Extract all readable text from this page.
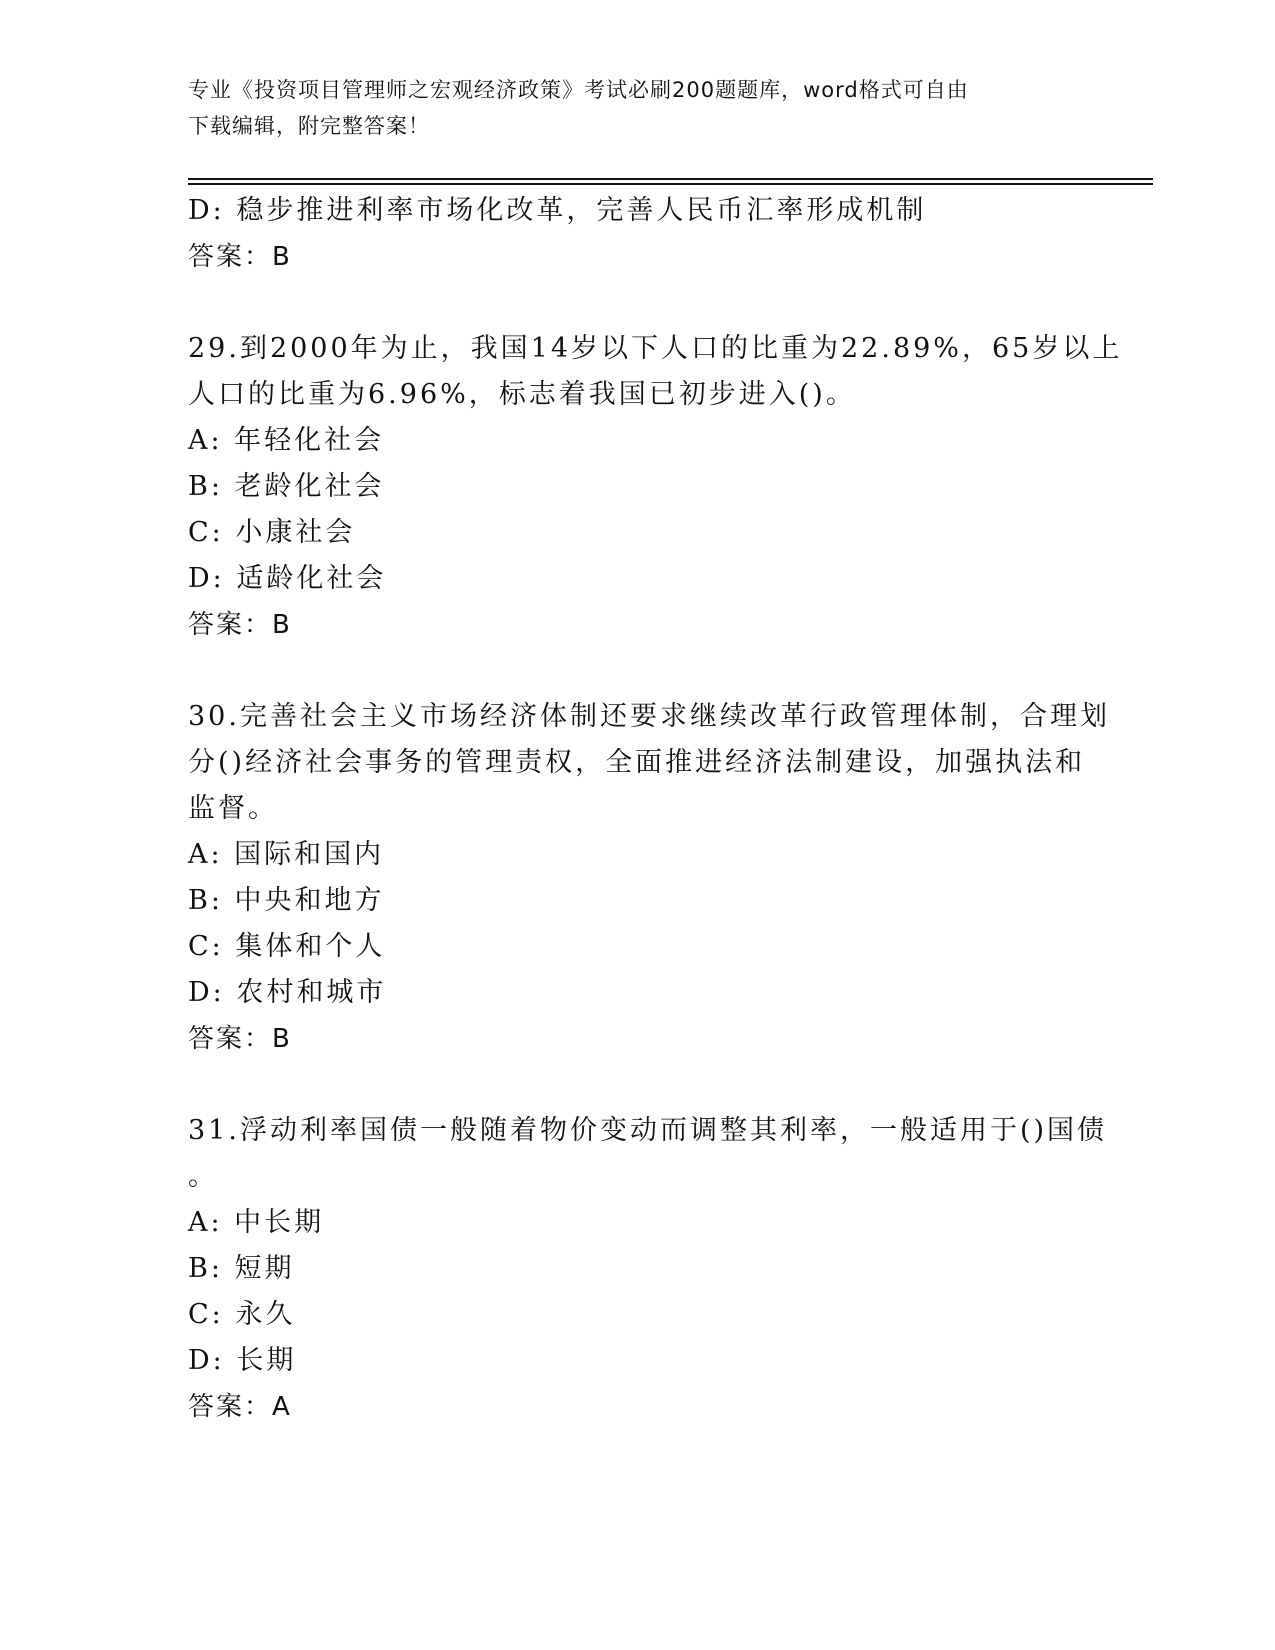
专业《投资项目管理师之宏观经济政策》考试必刷200题题库，word格式可自由
下载编辑，附完整答案！
D: 稳步推进利率市场化改革，完善人民币汇率形成机制
答案：B
29.到2000年为止，我国14岁以下人口的比重为22.89%，65岁以上
人口的比重为6.96%，标志着我国已初步进入()。
A: 年轻化社会
B: 老龄化社会
C: 小康社会
D: 适龄化社会
答案：B
30.完善社会主义市场经济体制还要求继续改革行政管理体制，合理划
分()经济社会事务的管理责权，全面推进经济法制建设，加强执法和
监督。
A: 国际和国内
B: 中央和地方
C: 集体和个人
D: 农村和城市
答案：B
31.浮动利率国债一般随着物价变动而调整其利率，一般适用于()国债
。
A: 中长期
B: 短期
C: 永久
D: 长期
答案：A
